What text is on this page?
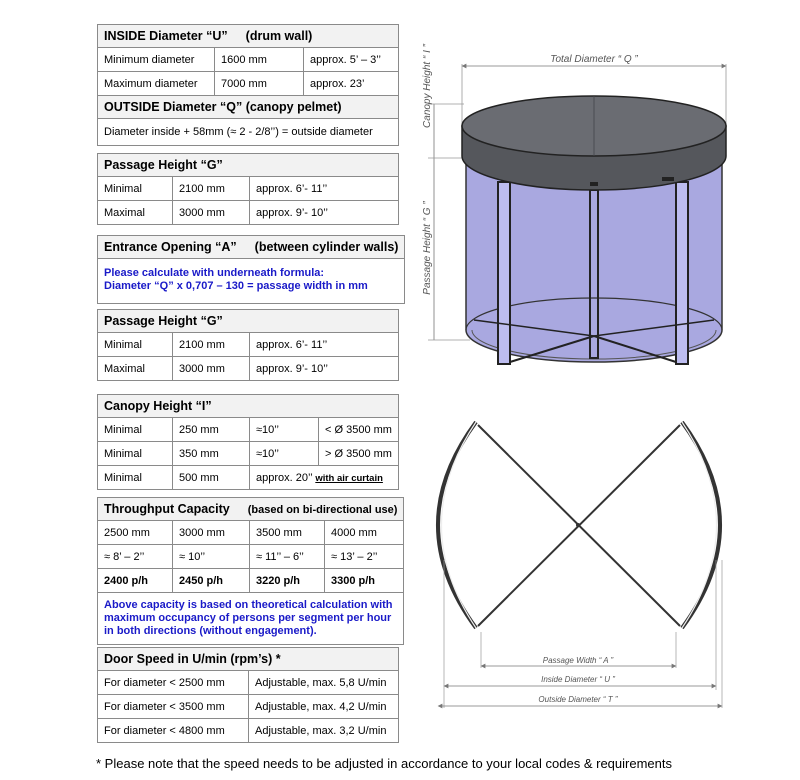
INSIDE Diameter “U” (drum wall)		
Minimum diameter	1600 mm	approx. 5’ – 3’’
Maximum diameter	7000 mm	approx. 23’
OUTSIDE Diameter “Q” (canopy pelmet)		
Diameter inside + 58mm (≈ 2 - 2/8’’) = outside diameter		
Passage Height “G”		
Minimal	2100 mm	approx. 6’- 11’’
Maximal	3000 mm	approx. 9’- 10’’
Entrance Opening “A” (between cylinder walls)

Please calculate with underneath formula:
Diameter “Q” x 0,707 – 130 = passage width in mm
Passage Height “G”		
Minimal	2100 mm	approx. 6’- 11’’
Maximal	3000 mm	approx. 9’- 10’’
Canopy Height “I”			
Minimal	250 mm	≈10’’	< Ø 3500 mm
Minimal	350 mm	≈10’’	> Ø 3500 mm
Minimal	500 mm	approx. 20’’ with air curtain	
Throughput Capacity (based on bi-directional use)			
2500 mm	3000 mm	3500 mm	4000 mm
≈ 8’ – 2’’	≈ 10’’	≈ 11’’ – 6’’	≈ 13’ – 2’’
2400 p/h	2450 p/h	3220 p/h	3300 p/h
Above capacity is based on theoretical calculation with maximum occupancy of persons per segment per hour in both directions (without engagement).			
Door Speed in U/min (rpm’s) *	
For diameter < 2500 mm	Adjustable, max. 5,8 U/min
For diameter < 3500 mm	Adjustable, max. 4,2 U/min
For diameter < 4800 mm	Adjustable, max. 3,2 U/min
* Please note that the speed needs to be adjusted in accordance to your local codes & requirements
Total Diameter “ Q ”
Canopy Height “ I ”
Passage Height “ G ”
Passage Width “ A ”
Inside Diameter “ U ”
Outside Diameter “ T ”
